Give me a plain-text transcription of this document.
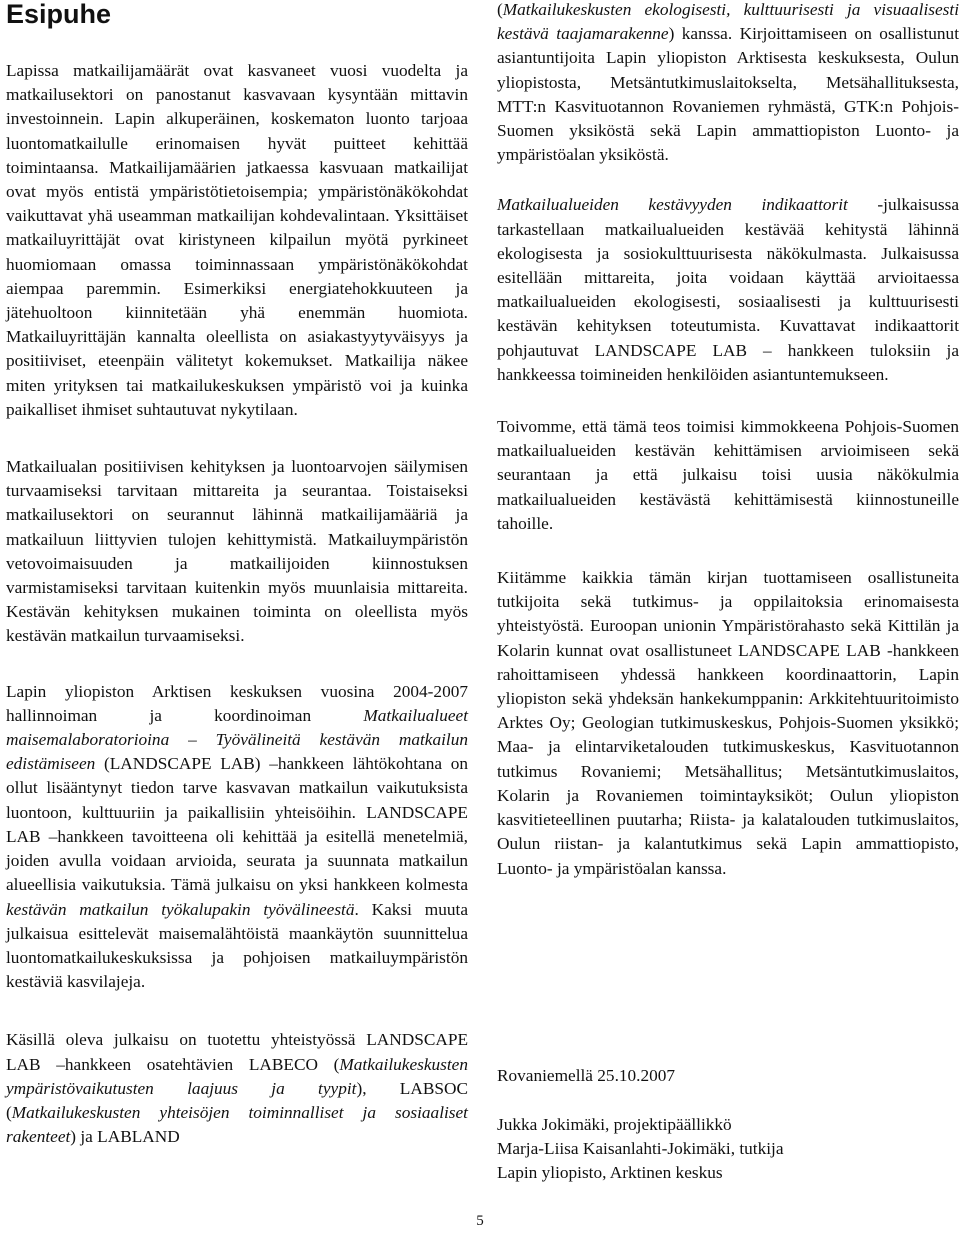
Esipuhe

Lapissa matkailijamäärät ovat kasvaneet vuosi vuodelta ja matkailusektori on panostanut kasvavaan kysyntään mittavin investoinnein. Lapin alkuperäinen, koskematon luonto tarjoaa luontomatkailulle erinomaisen hyvät puitteet kehittää toimintaansa. Matkailijamäärien jatkaessa kasvuaan matkailijat ovat myös entistä ympäristötietoisempia; ympäristönäkökohdat vaikuttavat yhä useamman matkailijan kohdevalintaan. Yksittäiset matkailuyrittäjät ovat kiristyneen kilpailun myötä pyrkineet huomiomaan omassa toiminnassaan ympäristönäkökohdat aiempaa paremmin. Esimerkiksi energiatehokkuuteen ja jätehuoltoon kiinnitetään yhä enemmän huomiota. Matkailuyrittäjän kannalta oleellista on asiakastyytyväisyys ja positiiviset, eteenpäin välitetyt kokemukset. Matkailija näkee miten yrityksen tai matkailukeskuksen ympäristö voi ja kuinka paikalliset ihmiset suhtautuvat nykytilaan.

Matkailualan positiivisen kehityksen ja luontoarvojen säilymisen turvaamiseksi tarvitaan mittareita ja seurantaa. Toistaiseksi matkailusektori on seurannut lähinnä matkailijamääriä ja matkailuun liittyvien tulojen kehittymistä. Matkailuympäristön vetovoimaisuuden ja matkailijoiden kiinnostuksen varmistamiseksi tarvitaan kuitenkin myös muunlaisia mittareita. Kestävän kehityksen mukainen toiminta on oleellista myös kestävän matkailun turvaamiseksi.

Lapin yliopiston Arktisen keskuksen vuosina 2004-2007 hallinnoiman ja koordinoiman Matkailualueet maisemalaboratorioina – Työvälineitä kestävän matkailun edistämiseen (LANDSCAPE LAB) –hankkeen lähtökohtana on ollut lisääntynyt tiedon tarve kasvavan matkailun vaikutuksista luontoon, kulttuuriin ja paikallisiin yhteisöihin. LANDSCAPE LAB –hankkeen tavoitteena oli kehittää ja esitellä menetelmiä, joiden avulla voidaan arvioida, seurata ja suunnata matkailun alueellisia vaikutuksia. Tämä julkaisu on yksi hankkeen kolmesta kestävän matkailun työkalupakin työvälineestä. Kaksi muuta julkaisua esittelevät maisemalähtöistä maankäytön suunnittelua luontomatkailukeskuksissa ja pohjoisen matkailuympäristön kestäviä kasvilajeja.

Käsillä oleva julkaisu on tuotettu yhteistyössä LANDSCAPE LAB –hankkeen osatehtävien LABECO (Matkailukeskusten ympäristövaikutusten laajuus ja tyypit), LABSOC (Matkailukeskusten yhteisöjen toiminnalliset ja sosiaaliset rakenteet) ja LABLAND

(Matkailukeskusten ekologisesti, kulttuurisesti ja visuaalisesti kestävä taajamarakenne) kanssa. Kirjoittamiseen on osallistunut asiantuntijoita Lapin yliopiston Arktisesta keskuksesta, Oulun yliopistosta, Metsäntutkimuslaitokselta, Metsähallituksesta, MTT:n Kasvituotannon Rovaniemen ryhmästä, GTK:n Pohjois-Suomen yksiköstä sekä Lapin ammattiopiston Luonto- ja ympäristöalan yksiköstä.

Matkailualueiden kestävyyden indikaattorit -julkaisussa tarkastellaan matkailualueiden kestävää kehitystä lähinnä ekologisesta ja sosiokulttuurisesta näkökulmasta. Julkaisussa esitellään mittareita, joita voidaan käyttää arvioitaessa matkailualueiden ekologisesti, sosiaalisesti ja kulttuurisesti kestävän kehityksen toteutumista. Kuvattavat indikaattorit pohjautuvat LANDSCAPE LAB – hankkeen tuloksiin ja hankkeessa toimineiden henkilöiden asiantuntemukseen.

Toivomme, että tämä teos toimisi kimmokkeena Pohjois-Suomen matkailualueiden kestävän kehittämisen arvioimiseen sekä seurantaan ja että julkaisu toisi uusia näkökulmia matkailualueiden kestävästä kehittämisestä kiinnostuneille tahoille.

Kiitämme kaikkia tämän kirjan tuottamiseen osallistuneita tutkijoita sekä tutkimus- ja oppilaitoksia erinomaisesta yhteistyöstä. Euroopan unionin Ympäristörahasto sekä Kittilän ja Kolarin kunnat ovat osallistuneet LANDSCAPE LAB -hankkeen rahoittamiseen yhdessä hankkeen koordinaattorin, Lapin yliopiston sekä yhdeksän hankekumppanin: Arkkitehtuuritoimisto Arktes Oy; Geologian tutkimuskeskus, Pohjois-Suomen yksikkö; Maa- ja elintarviketalouden tutkimuskeskus, Kasvituotannon tutkimus Rovaniemi; Metsähallitus; Metsäntutkimuslaitos, Kolarin ja Rovaniemen toimintayksiköt; Oulun yliopiston kasvitieteellinen puutarha; Riista- ja kalatalouden tutkimuslaitos, Oulun riistan- ja kalantutkimus sekä Lapin ammattiopisto, Luonto- ja ympäristöalan kanssa.

Rovaniemellä 25.10.2007
Jukka Jokimäki, projektipäällikkö
Marja-Liisa Kaisanlahti-Jokimäki, tutkija
Lapin yliopisto, Arktinen keskus
5
